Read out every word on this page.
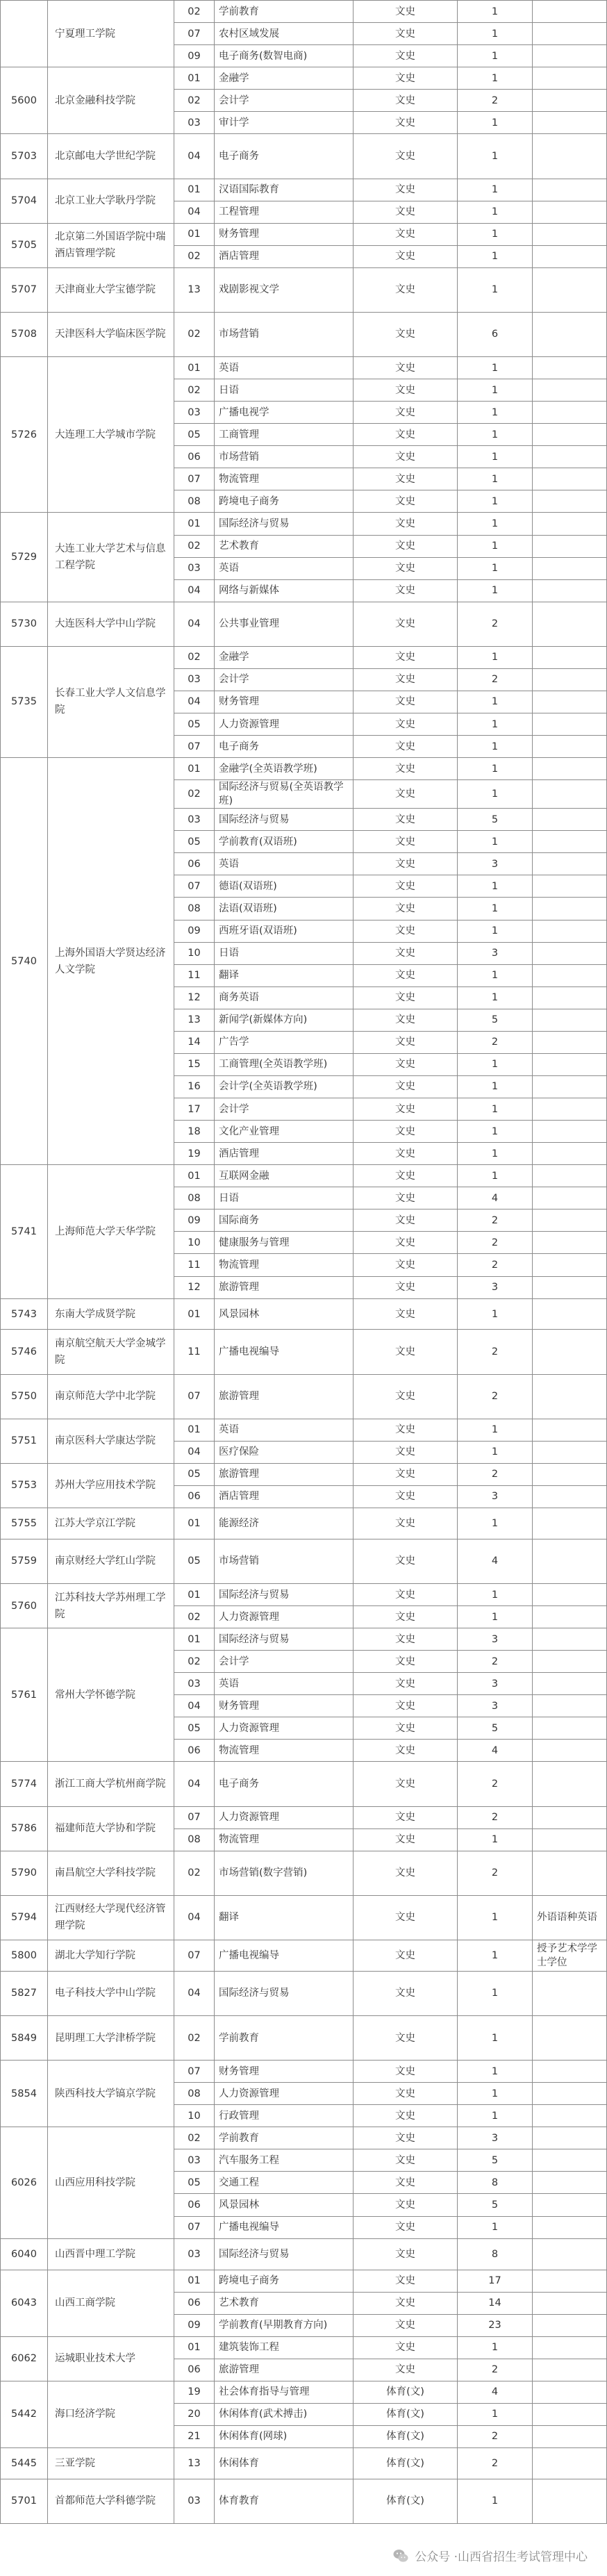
	宁夏理工学院	02	学前教育	文史	1	
		07	农村区域发展	文史	1	
		09	电子商务(数智电商)	文史	1	
5600	北京金融科技学院	01	金融学	文史	1	
		02	会计学	文史	2	
		03	审计学	文史	1	
5703	北京邮电大学世纪学院	04	电子商务	文史	1	
5704	北京工业大学耿丹学院	01	汉语国际教育	文史	1	
		04	工程管理	文史	1	
5705	北京第二外国语学院中瑞酒店管理学院	01	财务管理	文史	1	
		02	酒店管理	文史	1	
5707	天津商业大学宝德学院	13	戏剧影视文学	文史	1	
5708	天津医科大学临床医学院	02	市场营销	文史	6	
5726	大连理工大学城市学院	01	英语	文史	1	
		02	日语	文史	1	
		03	广播电视学	文史	1	
		05	工商管理	文史	1	
		06	市场营销	文史	1	
		07	物流管理	文史	1	
		08	跨境电子商务	文史	1	
5729	大连工业大学艺术与信息工程学院	01	国际经济与贸易	文史	1	
		02	艺术教育	文史	1	
		03	英语	文史	1	
		04	网络与新媒体	文史	1	
5730	大连医科大学中山学院	04	公共事业管理	文史	2	
5735	长春工业大学人文信息学院	02	金融学	文史	1	
		03	会计学	文史	2	
		04	财务管理	文史	1	
		05	人力资源管理	文史	1	
		07	电子商务	文史	1	
5740	上海外国语大学贤达经济人文学院	01	金融学(全英语教学班)	文史	1	
		02	国际经济与贸易(全英语教学班)	文史	1	
		03	国际经济与贸易	文史	5	
		05	学前教育(双语班)	文史	1	
		06	英语	文史	3	
		07	德语(双语班)	文史	1	
		08	法语(双语班)	文史	1	
		09	西班牙语(双语班)	文史	1	
		10	日语	文史	3	
		11	翻译	文史	1	
		12	商务英语	文史	1	
		13	新闻学(新媒体方向)	文史	5	
		14	广告学	文史	2	
		15	工商管理(全英语教学班)	文史	1	
		16	会计学(全英语教学班)	文史	1	
		17	会计学	文史	1	
		18	文化产业管理	文史	1	
		19	酒店管理	文史	1	
5741	上海师范大学天华学院	01	互联网金融	文史	1	
		08	日语	文史	4	
		09	国际商务	文史	2	
		10	健康服务与管理	文史	2	
		11	物流管理	文史	2	
		12	旅游管理	文史	3	
5743	东南大学成贤学院	01	风景园林	文史	1	
5746	南京航空航天大学金城学院	11	广播电视编导	文史	2	
5750	南京师范大学中北学院	07	旅游管理	文史	2	
5751	南京医科大学康达学院	01	英语	文史	1	
		04	医疗保险	文史	1	
5753	苏州大学应用技术学院	05	旅游管理	文史	2	
		06	酒店管理	文史	3	
5755	江苏大学京江学院	01	能源经济	文史	1	
5759	南京财经大学红山学院	05	市场营销	文史	4	
5760	江苏科技大学苏州理工学院	01	国际经济与贸易	文史	1	
		02	人力资源管理	文史	1	
5761	常州大学怀德学院	01	国际经济与贸易	文史	3	
		02	会计学	文史	2	
		03	英语	文史	3	
		04	财务管理	文史	3	
		05	人力资源管理	文史	5	
		06	物流管理	文史	4	
5774	浙江工商大学杭州商学院	04	电子商务	文史	2	
5786	福建师范大学协和学院	07	人力资源管理	文史	2	
		08	物流管理	文史	1	
5790	南昌航空大学科技学院	02	市场营销(数字营销)	文史	2	
5794	江西财经大学现代经济管理学院	04	翻译	文史	1	外语语种英语
5800	湖北大学知行学院	07	广播电视编导	文史	1	授予艺术学学士学位
5827	电子科技大学中山学院	04	国际经济与贸易	文史	1	
5849	昆明理工大学津桥学院	02	学前教育	文史	1	
5854	陕西科技大学镐京学院	07	财务管理	文史	1	
		08	人力资源管理	文史	1	
		10	行政管理	文史	1	
6026	山西应用科技学院	02	学前教育	文史	3	
		03	汽车服务工程	文史	5	
		05	交通工程	文史	8	
		06	风景园林	文史	5	
		07	广播电视编导	文史	1	
6040	山西晋中理工学院	03	国际经济与贸易	文史	8	
6043	山西工商学院	01	跨境电子商务	文史	17	
		06	艺术教育	文史	14	
		09	学前教育(早期教育方向)	文史	23	
6062	运城职业技术大学	01	建筑装饰工程	文史	1	
		06	旅游管理	文史	2	
5442	海口经济学院	19	社会体育指导与管理	体育(文)	4	
		20	休闲体育(武术搏击)	体育(文)	1	
		21	休闲体育(网球)	体育(文)	2	
5445	三亚学院	13	休闲体育	体育(文)	2	
5701	首都师范大学科德学院	03	体育教育	体育(文)	1	
公众号 · 山西省招生考试管理中心
